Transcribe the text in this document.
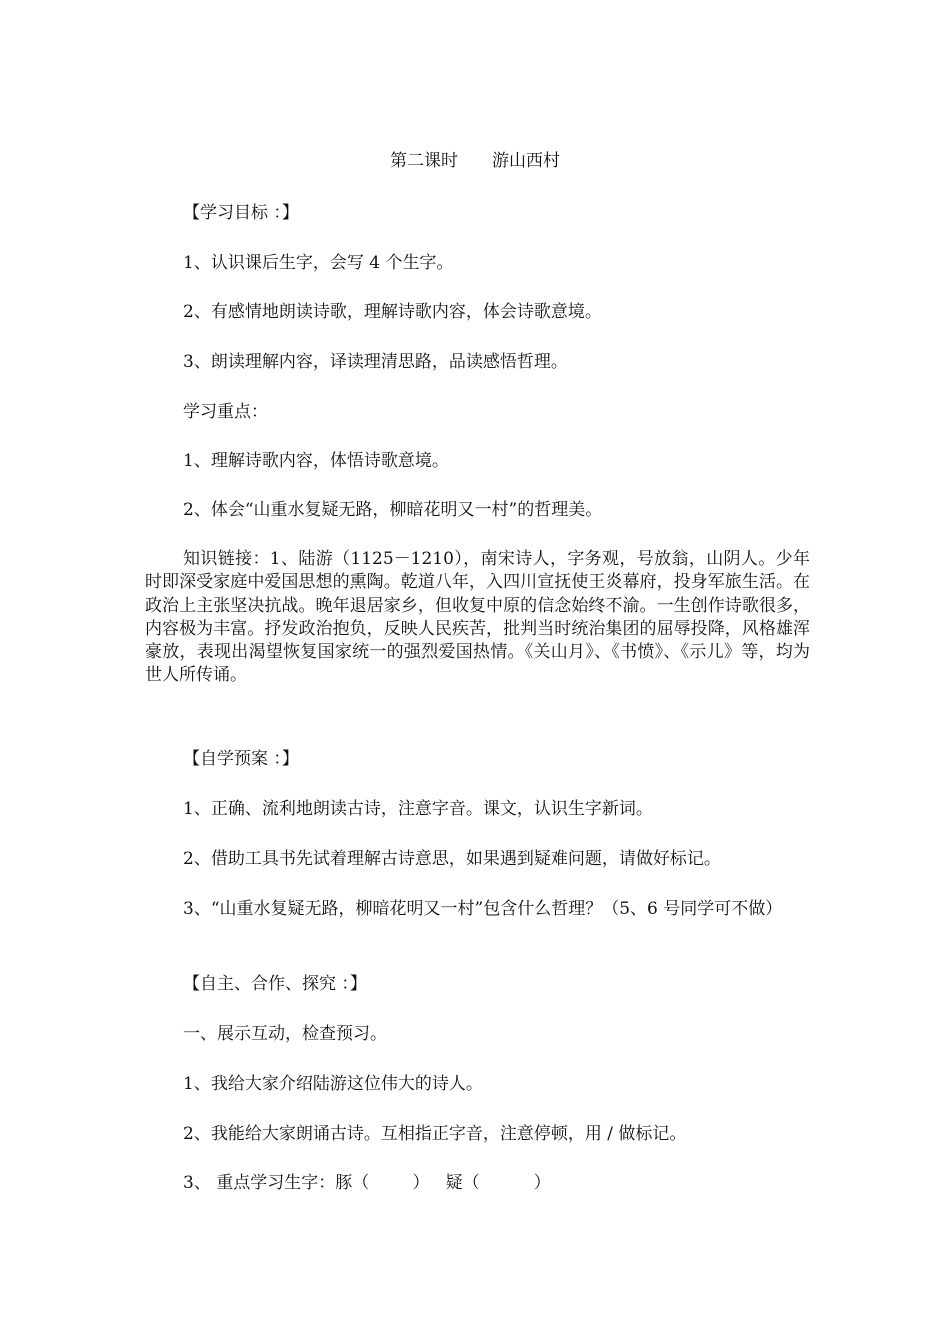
第二课时 游山西村
【学习目标 ：】
1、认识课后生字，会写 4 个生字。
2、有感情地朗读诗歌，理解诗歌内容，体会诗歌意境。
3、朗读理解内容，译读理清思路，品读感悟哲理。
学习重点：
1、理解诗歌内容，体悟诗歌意境。
2、体会“山重水复疑无路，柳暗花明又一村”的哲理美。

知识链接：1、陆游（1125－1210），南宋诗人，字务观，号放翁，山阴人。少年时即深受家庭中爱国思想的熏陶。乾道八年，入四川宣抚使王炎幕府，投身军旅生活。在政治上主张坚决抗战。晚年退居家乡，但收复中原的信念始终不渝。一生创作诗歌很多，内容极为丰富。抒发政治抱负，反映人民疾苦，批判当时统治集团的屈辱投降，风格雄浑豪放，表现出渴望恢复国家统一的强烈爱国热情。《关山月》、《书愤》、《示儿》等，均为世人所传诵。

【自学预案 ：】
1、正确、流利地朗读古诗，注意字音。课文，认识生字新词。
2、借助工具书先试着理解古诗意思，如果遇到疑难问题，请做好标记。

3、“山重水复疑无路，柳暗花明又一村”包含什么哲理？（5、6 号同学可不做）

【自主、合作、探究 ：】
一、展示互动，检查预习。
1、我给大家介绍陆游这位伟大的诗人。
2、我能给大家朗诵古诗。互相指正字音，注意停顿，用 / 做标记。
3、 重点学习生字：豚（        ）   疑（          ）
